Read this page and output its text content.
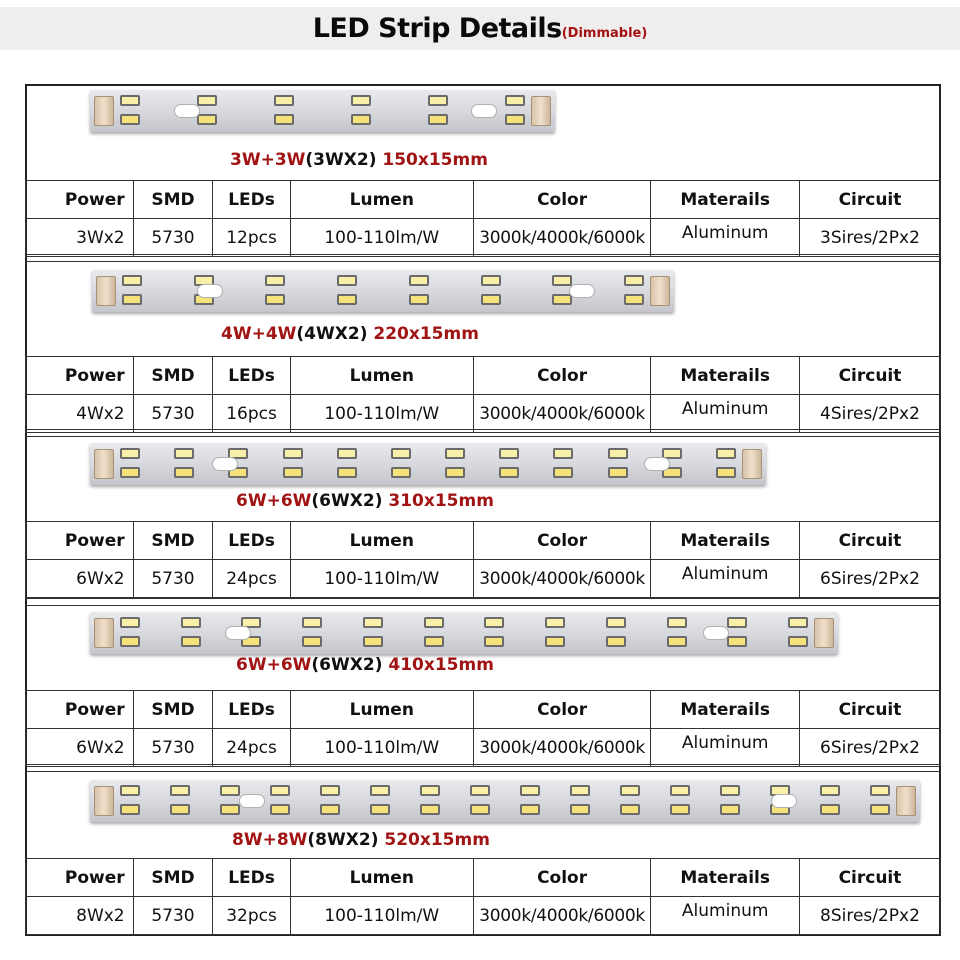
LED Strip Details(Dimmable)
3W+3W(3WX2) 150x15mm
Power	SMD	LEDs	Lumen	Color	Materails	Circuit
3Wx2	5730	12pcs	100-110lm/W	3000k/4000k/6000k	Aluminum	3Sires/2Px2
4W+4W(4WX2) 220x15mm
Power	SMD	LEDs	Lumen	Color	Materails	Circuit
4Wx2	5730	16pcs	100-110lm/W	3000k/4000k/6000k	Aluminum	4Sires/2Px2
6W+6W(6WX2) 310x15mm
Power	SMD	LEDs	Lumen	Color	Materails	Circuit
6Wx2	5730	24pcs	100-110lm/W	3000k/4000k/6000k	Aluminum	6Sires/2Px2
6W+6W(6WX2) 410x15mm
Power	SMD	LEDs	Lumen	Color	Materails	Circuit
6Wx2	5730	24pcs	100-110lm/W	3000k/4000k/6000k	Aluminum	6Sires/2Px2
8W+8W(8WX2) 520x15mm
Power	SMD	LEDs	Lumen	Color	Materails	Circuit
8Wx2	5730	32pcs	100-110lm/W	3000k/4000k/6000k	Aluminum	8Sires/2Px2
